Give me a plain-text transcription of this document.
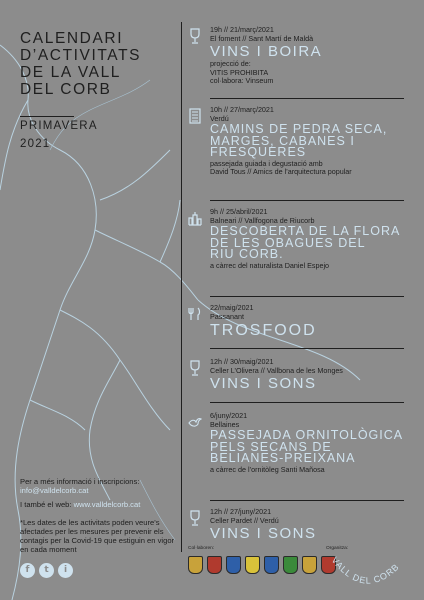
CALENDARI
D’ACTIVITATS
DE LA VALL
DEL CORB
PRIMAVERA
2021
19h // 21/març/2021
El foment // Sant Martí de Maldà
VINS I BOIRA
projecció de:
VITIS PROHIBITA
col·labora: Vinseum
10h // 27/març/2021
Verdú
CAMINS DE PEDRA SECA,
MARGES, CABANES I
FRESQUERES
passejada guiada i degustació amb
David Tous // Amics de l’arquitectura popular
9h // 25/abril/2021
Balneari // Vallfogona de Riucorb
DESCOBERTA DE LA FLORA
DE LES OBAGUES DEL
RIU CORB.
a càrrec del naturalista Daniel Espejo
22/maig/2021
Passanant
TROSFOOD
12h // 30/maig/2021
Celler L’Olivera // Vallbona de les Monges
VINS I SONS
6/juny/2021
Bellaines
PASSEJADA ORNITOLÒGICA
PELS SECANS DE
BELIANES-PREIXANA
a càrrec de l’ornitòleg Santi Mañosa
12h // 27/juny/2021
Celler Pardet // Verdú
VINS I SONS
Per a més informació i inscripcions:
info@valldelcorb.cat
I també el web: www.valldelcorb.cat
*Les dates de les activitats poden veure's afectades per les mesures per prevenir els contagis per la Covid-19 que estiguin en vigor en cada moment
f	t	i
Col·laboren:	Organitza:
VALL DEL CORB
